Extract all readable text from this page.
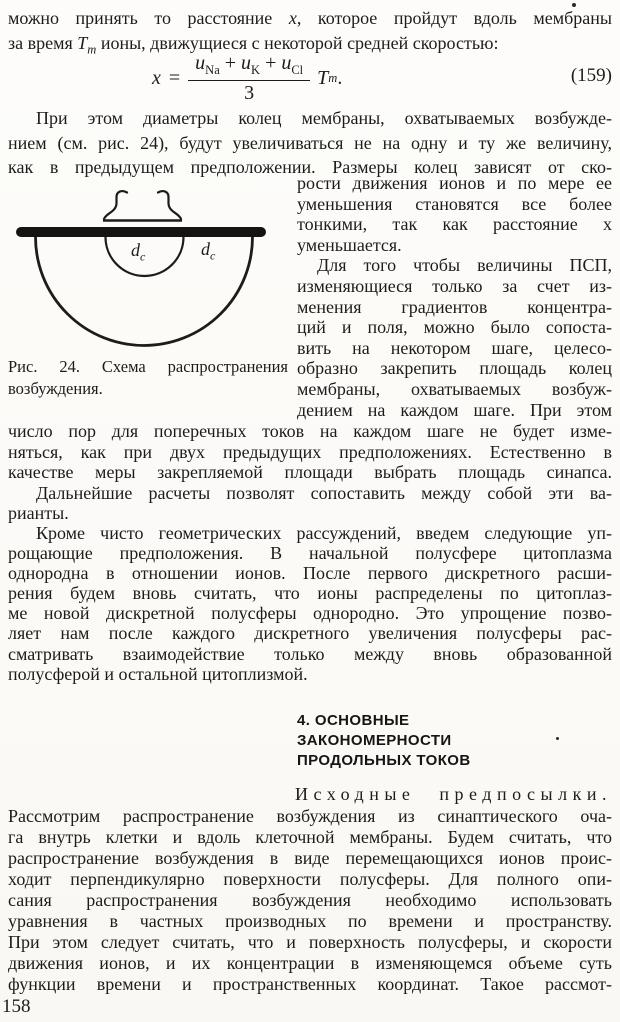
можно принять то расстояние x, которое пройдут вдоль мембраны
за время $T_m$ ионы, движущиеся с некоторой средней скоростью:
$x = \frac{u_{Na} + u_K + u_{Cl}}{3}$ T m .	(159)
При этом диаметры колец мембраны, охватываемых возбужде-
нием (см. рис. 24), будут увеличиваться не на одну и ту же величину,
как в предыдущем предположении. Размеры колец зависят от ско-
рости движения ионов и по мере ее
уменьшения становятся все более
тонкими, так как расстояние x
уменьшается.
Для того чтобы величины ПСП,
изменяющиеся только за счет из-
менения градиентов концентра-
ций и поля, можно было сопоста-
вить на некотором шаге, целесо-
образно закрепить площадь колец
мембраны, охватываемых возбуж-
дением на каждом шаге. При этом
$d_c$	$d_c$
Рис. 24. Схема распространения
возбуждения.
число пор для поперечных токов на каждом шаге не будет изме-
няться, как при двух предыдущих предположениях. Естественно в
качестве меры закрепляемой площади выбрать площадь синапса.
Дальнейшие расчеты позволят сопоставить между собой эти ва-
рианты.
Кроме чисто геометрических рассуждений, введем следующие уп-
рощающие предположения. В начальной полусфере цитоплазма
однородна в отношении ионов. После первого дискретного расши-
рения будем вновь считать, что ионы распределены по цитоплаз-
ме новой дискретной полусферы однородно. Это упрощение позво-
ляет нам после каждого дискретного увеличения полусферы рас-
сматривать взаимодействие только между вновь образованной
полусферой и остальной цитоплизмой.
4. ОСНОВНЫЕ
ЗАКОНОМЕРНОСТИ
ПРОДОЛЬНЫХ ТОКОВ
Исходные предпосылки.
Рассмотрим распространение возбуждения из синаптического оча-
га внутрь клетки и вдоль клеточной мембраны. Будем считать, что
распространение возбуждения в виде перемещающихся ионов проис-
ходит перпендикулярно поверхности полусферы. Для полного опи-
сания распространения возбуждения необходимо использовать
уравнения в частных производных по времени и пространству.
При этом следует считать, что и поверхность полусферы, и скорости
движения ионов, и их концентрации в изменяющемся объеме суть
функции времени и пространственных координат. Такое рассмот-
158
